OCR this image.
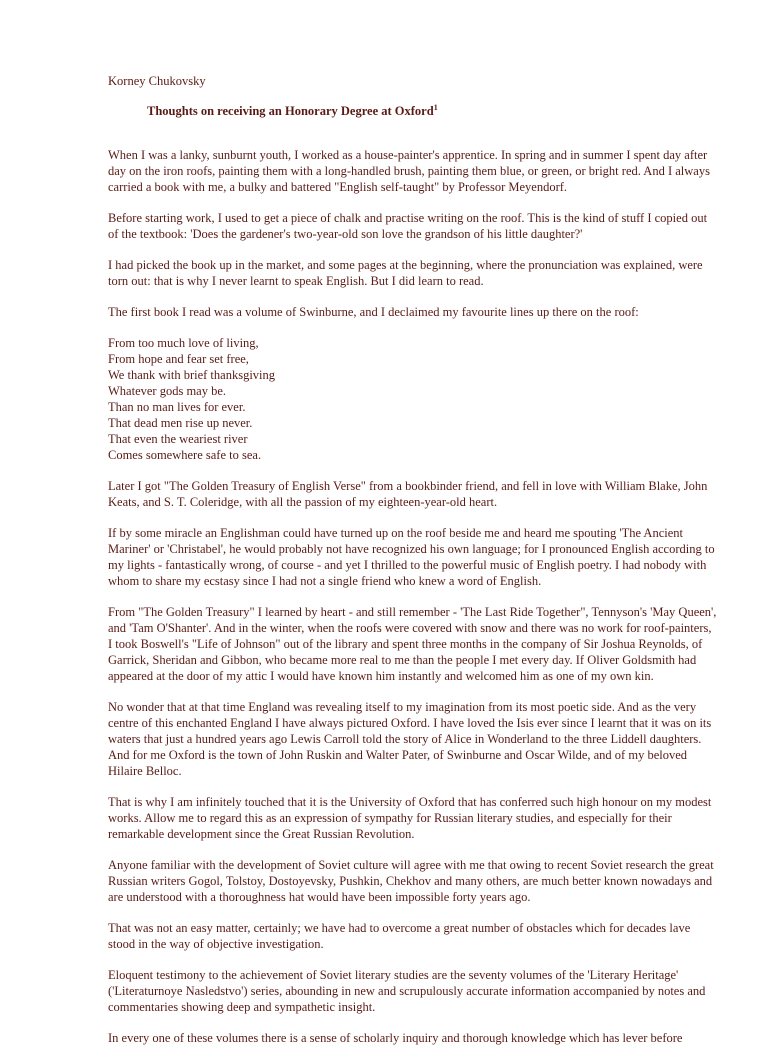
Korney Chukovsky
Thoughts on receiving an Honorary Degree at Oxford$^1$

When I was a lanky, sunburnt youth, I worked as a house-painter's apprentice. In spring and in summer I spent day after day on the iron roofs, painting them with a long-handled brush, painting them blue, or green, or bright red. And I always carried a book with me, a bulky and battered "English self-taught" by Professor Meyendorf.

Before starting work, I used to get a piece of chalk and practise writing on the roof. This is the kind of stuff I copied out of the textbook: 'Does the gardener's two-year-old son love the grandson of his little daughter?'

I had picked the book up in the market, and some pages at the beginning, where the pronunciation was explained, were torn out: that is why I never learnt to speak English. But I did learn to read.

The first book I read was a volume of Swinburne, and I declaimed my favourite lines up there on the roof:

From too much love of living,
From hope and fear set free,
We thank with brief thanksgiving
Whatever gods may be.
Than no man lives for ever.
That dead men rise up never.
That even the weariest river
Comes somewhere safe to sea.

Later I got "The Golden Treasury of English Verse" from a bookbinder friend, and fell in love with William Blake, John Keats, and S. T. Coleridge, with all the passion of my eighteen-year-old heart.

If by some miracle an Englishman could have turned up on the roof beside me and heard me spouting 'The Ancient Mariner' or 'Christabel', he would probably not have recognized his own language; for I pronounced English according to my lights - fantastically wrong, of course - and yet I thrilled to the powerful music of English poetry. I had nobody with whom to share my ecstasy since I had not a single friend who knew a word of English.

From "The Golden Treasury" I learned by heart - and still remember - 'The Last Ride Together", Tennyson's 'May Queen', and 'Tam O'Shanter'. And in the winter, when the roofs were covered with snow and there was no work for roof-painters, I took Boswell's "Life of Johnson" out of the library and spent three months in the company of Sir Joshua Reynolds, of Garrick, Sheridan and Gibbon, who became more real to me than the people I met every day. If Oliver Goldsmith had appeared at the door of my attic I would have known him instantly and welcomed him as one of my own kin.

No wonder that at that time England was revealing itself to my imagination from its most poetic side. And as the very centre of this enchanted England I have always pictured Oxford. I have loved the Isis ever since I learnt that it was on its waters that just a hundred years ago Lewis Carroll told the story of Alice in Wonderland to the three Liddell daughters. And for me Oxford is the town of John Ruskin and Walter Pater, of Swinburne and Oscar Wilde, and of my beloved Hilaire Belloc.

That is why I am infinitely touched that it is the University of Oxford that has conferred such high honour on my modest works. Allow me to regard this as an expression of sympathy for Russian literary studies, and especially for their remarkable development since the Great Russian Revolution.

Anyone familiar with the development of Soviet culture will agree with me that owing to recent Soviet research the great Russian writers Gogol, Tolstoy, Dostoyevsky, Pushkin, Chekhov and many others, are much better known nowadays and are understood with a thoroughness hat would have been impossible forty years ago.

That was not an easy matter, certainly; we have had to overcome a great number of obstacles which for decades lave stood in the way of objective investigation.

Eloquent testimony to the achievement of Soviet literary studies are the seventy volumes of the 'Literary Heritage' ('Literaturnoye Nasledstvo') series, abounding in new and scrupulously accurate information accompanied by notes and commentaries showing deep and sympathetic insight.

In every one of these volumes there is a sense of scholarly inquiry and thorough knowledge which has lever before
